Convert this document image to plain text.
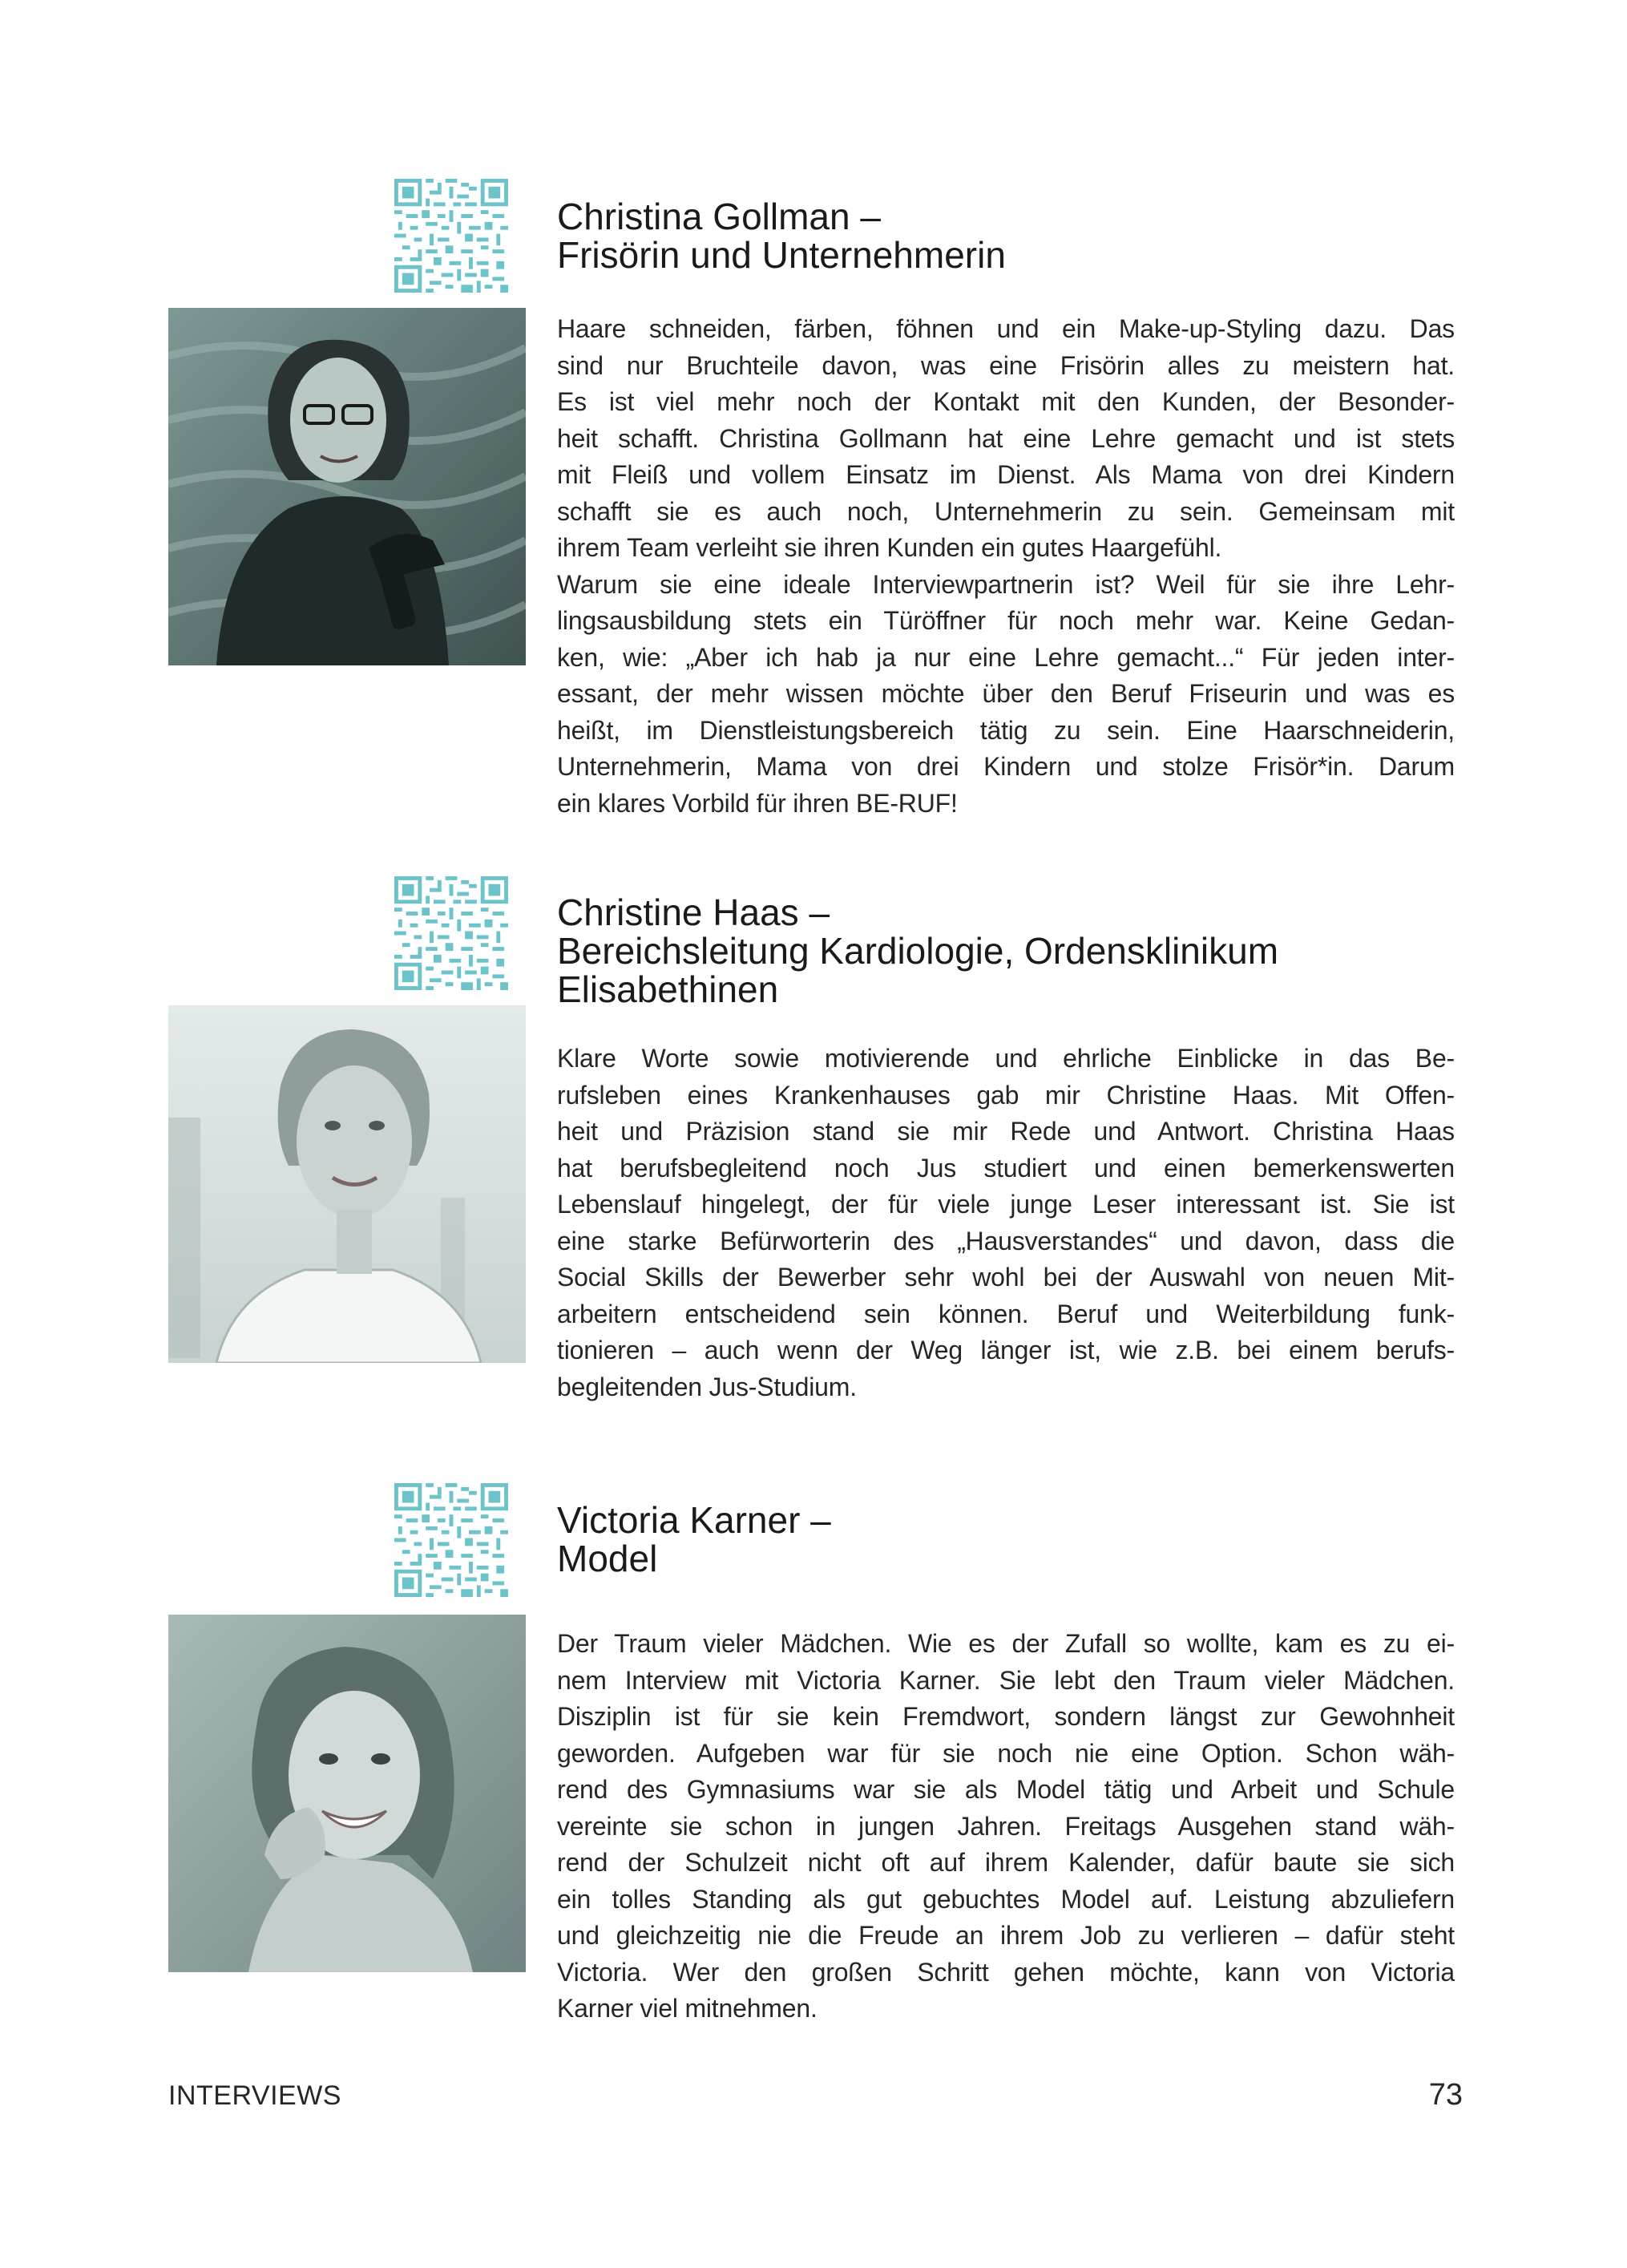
Christina Gollman –
Frisörin und Unternehmerin
Haare schneiden, färben, föhnen und ein Make-up-Styling dazu. Das
sind nur Bruchteile davon, was eine Frisörin alles zu meistern hat.
Es ist viel mehr noch der Kontakt mit den Kunden, der Besonder-
heit schafft. Christina Gollmann hat eine Lehre gemacht und ist stets
mit Fleiß und vollem Einsatz im Dienst. Als Mama von drei Kindern
schafft sie es auch noch, Unternehmerin zu sein. Gemeinsam mit
ihrem Team verleiht sie ihren Kunden ein gutes Haargefühl.
Warum sie eine ideale Interviewpartnerin ist? Weil für sie ihre Lehr-
lingsausbildung stets ein Türöffner für noch mehr war. Keine Gedan-
ken, wie: „Aber ich hab ja nur eine Lehre gemacht...“ Für jeden inter-
essant, der mehr wissen möchte über den Beruf Friseurin und was es
heißt, im Dienstleistungsbereich tätig zu sein. Eine Haarschneiderin,
Unternehmerin, Mama von drei Kindern und stolze Frisör*in. Darum
ein klares Vorbild für ihren BE-RUF!
Christine Haas –
Bereichsleitung Kardiologie, Ordensklinikum
Elisabethinen
Klare Worte sowie motivierende und ehrliche Einblicke in das Be-
rufsleben eines Krankenhauses gab mir Christine Haas. Mit Offen-
heit und Präzision stand sie mir Rede und Antwort. Christina Haas
hat berufsbegleitend noch Jus studiert und einen bemerkenswerten
Lebenslauf hingelegt, der für viele junge Leser interessant ist. Sie ist
eine starke Befürworterin des „Hausverstandes“ und davon, dass die
Social Skills der Bewerber sehr wohl bei der Auswahl von neuen Mit-
arbeitern entscheidend sein können. Beruf und Weiterbildung funk-
tionieren – auch wenn der Weg länger ist, wie z.B. bei einem berufs-
begleitenden Jus-Studium.
Victoria Karner –
Model
Der Traum vieler Mädchen. Wie es der Zufall so wollte, kam es zu ei-
nem Interview mit Victoria Karner. Sie lebt den Traum vieler Mädchen.
Disziplin ist für sie kein Fremdwort, sondern längst zur Gewohnheit
geworden. Aufgeben war für sie noch nie eine Option. Schon wäh-
rend des Gymnasiums war sie als Model tätig und Arbeit und Schule
vereinte sie schon in jungen Jahren. Freitags Ausgehen stand wäh-
rend der Schulzeit nicht oft auf ihrem Kalender, dafür baute sie sich
ein tolles Standing als gut gebuchtes Model auf. Leistung abzuliefern
und gleichzeitig nie die Freude an ihrem Job zu verlieren – dafür steht
Victoria. Wer den großen Schritt gehen möchte, kann von Victoria
Karner viel mitnehmen.
INTERVIEWS	73
